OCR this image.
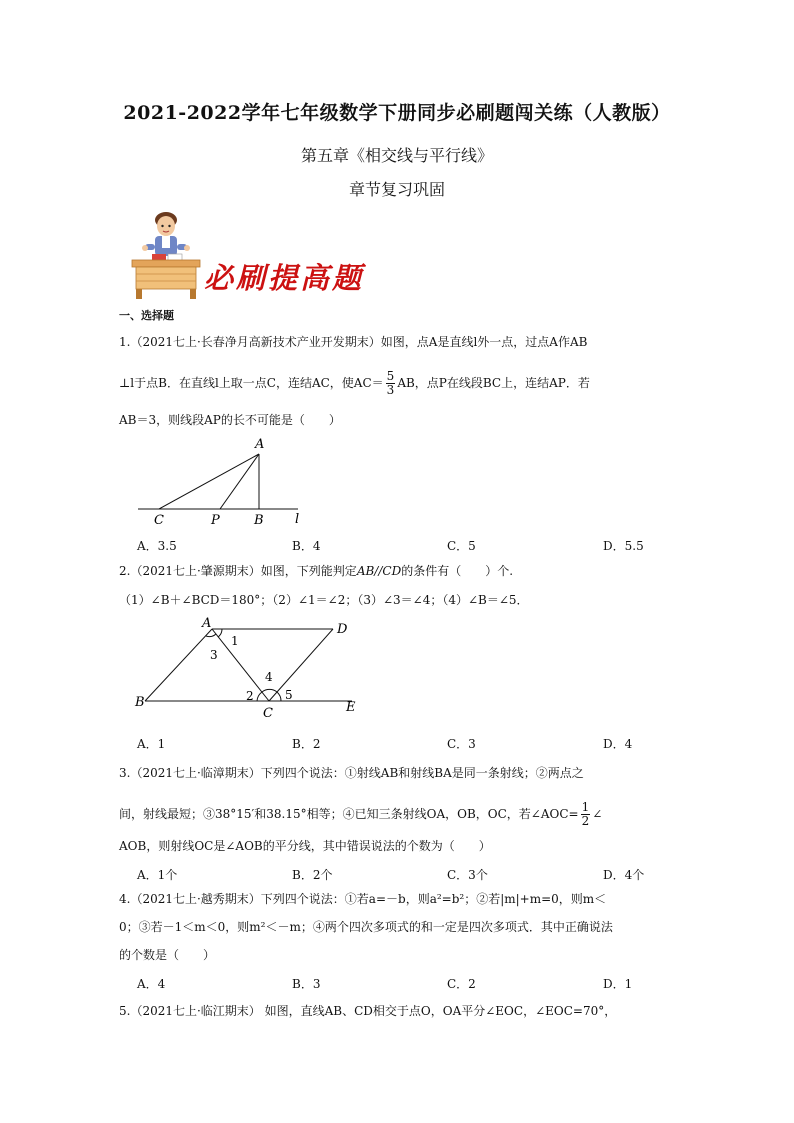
2021-2022学年七年级数学下册同步必刷题闯关练（人教版）
第五章《相交线与平行线》
章节复习巩固
必刷提高题
一、选择题
1.（2021七上·长春净月高新技术产业开发期末）如图，点A是直线l外一点，过点A作AB
⊥l于点B．在直线l上取一点C，连结AC，使$AC= \frac{5}{3}$ AB，点P在线段BC上，连结AP．若
AB＝3，则线段AP的长不可能是（　　）
A
C	P	B l
A．3.5	B．4	C．5	D．5.5
2.（2021七上·肇源期末）如图，下列能判定AB//CD的条件有（　　）个.
（1）∠B＋∠BCD＝180°；（2）∠1＝∠2；（3）∠3＝∠4；（4）∠B＝∠5．
A	D
B
C	E
1
3
2
4
5
A．1	B．2	C．3	D．4
3.（2021七上·临漳期末）下列四个说法：①射线AB和射线BA是同一条射线；②两点之
间，射线最短；③38°15′和38.15°相等；④已知三条射线OA，OB，OC，若∠AOC= $\frac{1}{2}$ ∠
AOB，则射线OC是∠AOB的平分线，其中错误说法的个数为（　　）
A．1个	B．2个	C．3个	D．4个
4.（2021七上·越秀期末）下列四个说法：①若a=－b，则a²=b²；②若|m|+m=0，则m＜
0；③若－1＜m＜0，则m²＜－m；④两个四次多项式的和一定是四次多项式．其中正确说法
的个数是（　　）
A．4	B．3	C．2	D．1
5.（2021七上·临江期末） 如图，直线AB、CD相交于点O，OA平分∠EOC，∠EOC=70°，
